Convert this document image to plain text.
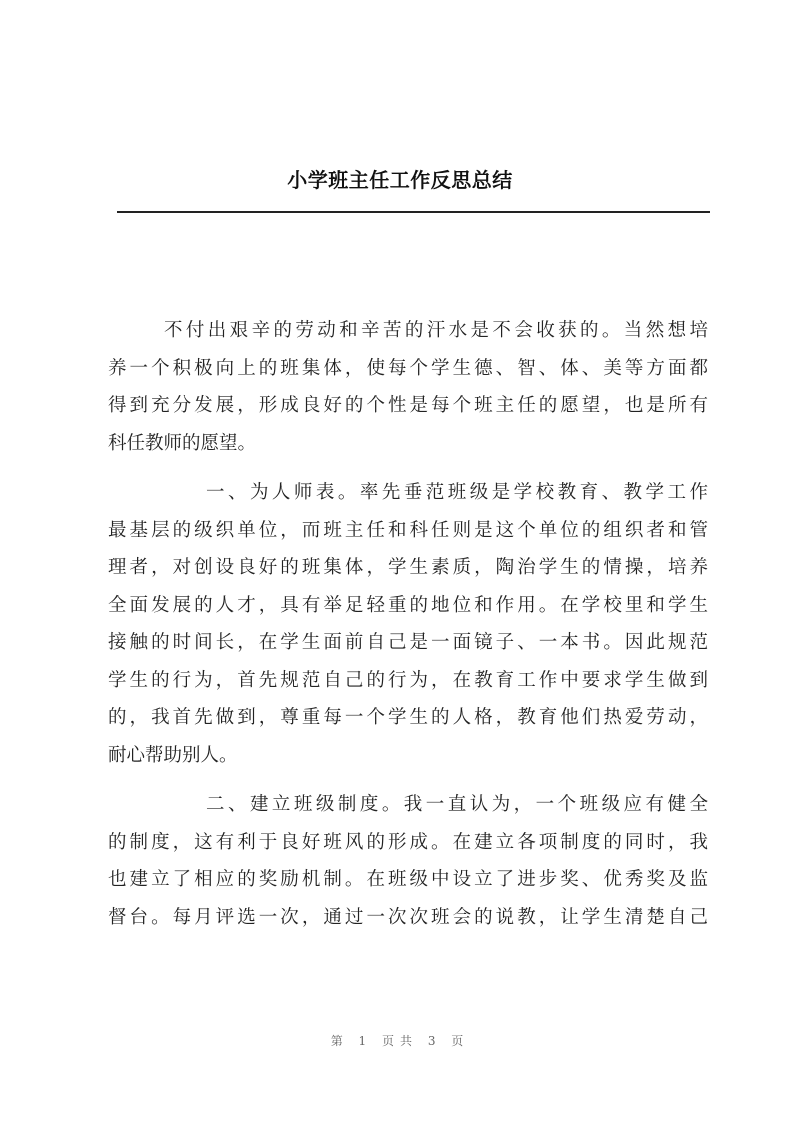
小学班主任工作反思总结
不付出艰辛的劳动和辛苦的汗水是不会收获的。当然想培
养一个积极向上的班集体，使每个学生德、智、体、美等方面都
得到充分发展，形成良好的个性是每个班主任的愿望，也是所有
科任教师的愿望。
一、为人师表。率先垂范班级是学校教育、教学工作
最基层的级织单位，而班主任和科任则是这个单位的组织者和管
理者，对创设良好的班集体，学生素质，陶治学生的情操，培养
全面发展的人才，具有举足轻重的地位和作用。在学校里和学生
接触的时间长，在学生面前自己是一面镜子、一本书。因此规范
学生的行为，首先规范自己的行为，在教育工作中要求学生做到
的，我首先做到，尊重每一个学生的人格，教育他们热爱劳动，
耐心帮助别人。
二、建立班级制度。我一直认为，一个班级应有健全
的制度，这有利于良好班风的形成。在建立各项制度的同时，我
也建立了相应的奖励机制。在班级中设立了进步奖、优秀奖及监
督台。每月评选一次，通过一次次班会的说教，让学生清楚自己
第 1 页共 3 页
